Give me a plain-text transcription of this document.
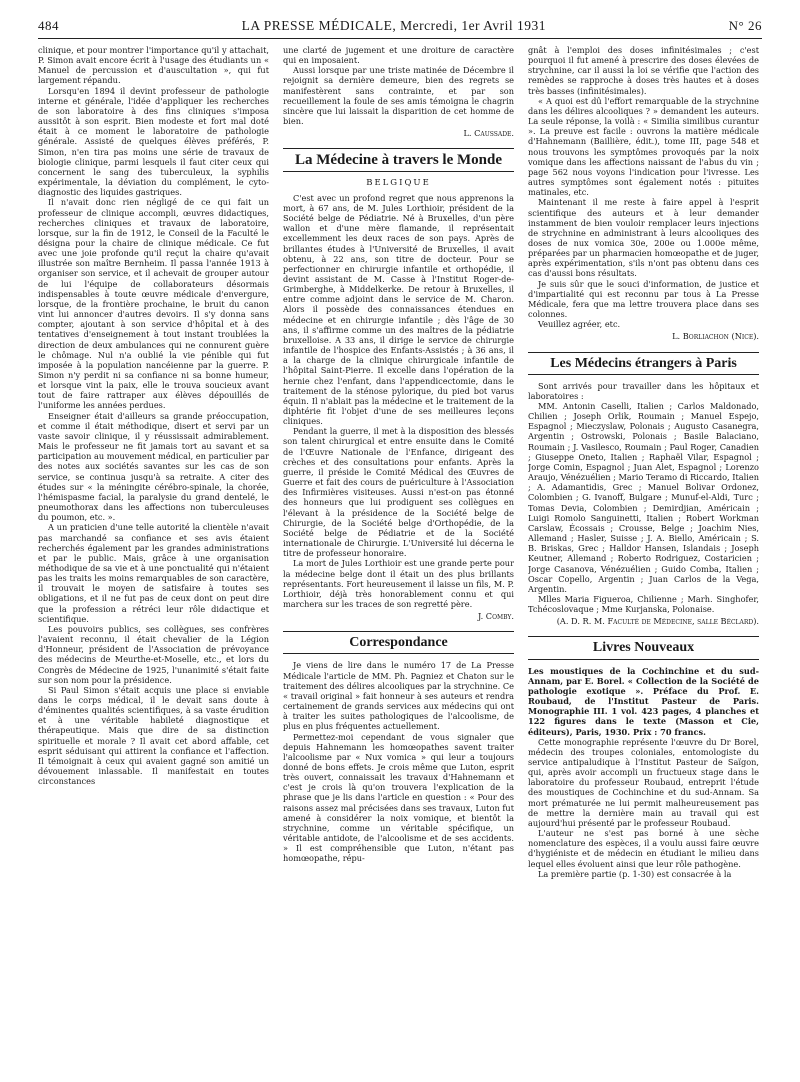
484	LA PRESSE MÉDICALE, Mercredi, 1er Avril 1931	N° 26

clinique, et pour montrer l'importance qu'il y attachait, P. Simon avait encore écrit à l'usage des étudiants un « Manuel de percussion et d'auscultation », qui fut largement répandu.

Lorsqu'en 1894 il devint professeur de pathologie interne et générale, l'idée d'appliquer les recherches de son laboratoire à des fins cliniques s'imposa aussitôt à son esprit. Bien modeste et fort mal doté était à ce moment le laboratoire de pathologie générale. Assisté de quelques élèves préférés, P. Simon, n'en tira pas moins une série de travaux de biologie clinique, parmi lesquels il faut citer ceux qui concernent le sang des tuberculeux, la syphilis expérimentale, la déviation du complément, le cyto-diagnostic des liquides gastriques.

Il n'avait donc rien négligé de ce qui fait un professeur de clinique accompli, œuvres didactiques, recherches cliniques et travaux de laboratoire, lorsque, sur la fin de 1912, le Conseil de la Faculté le désigna pour la chaire de clinique médicale. Ce fut avec une joie profonde qu'il reçut la chaire qu'avait illustrée son maître Bernheim. Il passa l'année 1913 à organiser son service, et il achevait de grouper autour de lui l'équipe de collaborateurs désormais indispensables à toute œuvre médicale d'envergure, lorsque, de la frontière prochaine, le bruit du canon vint lui annoncer d'autres devoirs. Il s'y donna sans compter, ajoutant à son service d'hôpital et à des tentatives d'enseignement à tout instant troublées la direction de deux ambulances qui ne connurent guère le chômage. Nul n'a oublié la vie pénible qui fut imposée à la population nancéienne par la guerre. P. Simon n'y perdit ni sa confiance ni sa bonne humeur, et lorsque vint la paix, elle le trouva soucieux avant tout de faire rattraper aux élèves dépouillés de l'uniforme les années perdues.

Enseigner était d'ailleurs sa grande préoccupation, et comme il était méthodique, disert et servi par un vaste savoir clinique, il y réussissait admirablement. Mais le professeur ne fit jamais tort au savant et sa participation au mouvement médical, en particulier par des notes aux sociétés savantes sur les cas de son service, se continua jusqu'à sa retraite. A citer des études sur « la méningite cérébro-spinale, la chorée, l'hémispasme facial, la paralysie du grand dentelé, le pneumothorax dans les affections non tuberculeuses du poumon, etc. ».

A un praticien d'une telle autorité la clientèle n'avait pas marchandé sa confiance et ses avis étaient recherchés également par les grandes administrations et par le public. Mais, grâce à une organisation méthodique de sa vie et à une ponctualité qui n'étaient pas les traits les moins remarquables de son caractère, il trouvait le moyen de satisfaire à toutes ses obligations, et il ne fut pas de ceux dont on peut dire que la profession a rétréci leur rôle didactique et scientifique.

Les pouvoirs publics, ses collègues, ses confrères l'avaient reconnu, il était chevalier de la Légion d'Honneur, président de l'Association de prévoyance des médecins de Meurthe-et-Moselle, etc., et lors du Congrès de Médecine de 1925, l'unanimité s'était faite sur son nom pour la présidence.

Si Paul Simon s'était acquis une place si enviable dans le corps médical, il le devait sans doute à d'éminentes qualités scientifiques, à sa vaste érudition et à une véritable habileté diagnostique et thérapeutique. Mais que dire de sa distinction spirituelle et morale ? Il avait cet abord affable, cet esprit séduisant qui attirent la confiance et l'affection. Il témoignait à ceux qui avaient gagné son amitié un dévouement inlassable. Il manifestait en toutes circonstances

une clarté de jugement et une droiture de caractère qui en imposaient.

Aussi lorsque par une triste matinée de Décembre il rejoignit sa dernière demeure, bien des regrets se manifestèrent sans contrainte, et par son recueillement la foule de ses amis témoigna le chagrin sincère que lui laissait la disparition de cet homme de bien.

L. Caussade.
La Médecine à travers le Monde
BELGIQUE

C'est avec un profond regret que nous apprenons la mort, à 67 ans, de M. Jules Lorthioir, président de la Société belge de Pédiatrie. Né à Bruxelles, d'un père wallon et d'une mère flamande, il représentait excellemment les deux races de son pays. Après de brillantes études à l'Université de Bruxelles, il avait obtenu, à 22 ans, son titre de docteur. Pour se perfectionner en chirurgie infantile et orthopédie, il devint assistant de M. Casse à l'Institut Roger-de-Grimberghe, à Middelkerke. De retour à Bruxelles, il entre comme adjoint dans le service de M. Charon. Alors il possède des connaissances étendues en médecine et en chirurgie infantile ; dès l'âge de 30 ans, il s'affirme comme un des maîtres de la pédiatrie bruxelloise. A 33 ans, il dirige le service de chirurgie infantile de l'hospice des Enfants-Assistés ; à 36 ans, il a la charge de la clinique chirurgicale infantile de l'hôpital Saint-Pierre. Il excelle dans l'opération de la hernie chez l'enfant, dans l'appendicectomie, dans le traitement de la sténose pylorique, du pied bot varus équin. Il n'ablait pas la médecine et le traitement de la diphtérie fit l'objet d'une de ses meilleures leçons cliniques.

Pendant la guerre, il met à la disposition des blessés son talent chirurgical et entre ensuite dans le Comité de l'Œuvre Nationale de l'Enfance, dirigeant des crèches et des consultations pour enfants. Après la guerre, il préside le Comité Médical des Œuvres de Guerre et fait des cours de puériculture à l'Association des Infirmières visiteuses. Aussi n'est-on pas étonné des honneurs que lui prodiguent ses collègues en l'élevant à la présidence de la Société belge de Chirurgie, de la Société belge d'Orthopédie, de la Société belge de Pédiatrie et de la Société internationale de Chirurgie. L'Université lui décerna le titre de professeur honoraire.

La mort de Jules Lorthioir est une grande perte pour la médecine belge dont il était un des plus brillants représentants. Fort heureusement il laisse un fils, M. P. Lorthioir, déjà très honorablement connu et qui marchera sur les traces de son regretté père.

J. Comby.
Correspondance

Je viens de lire dans le numéro 17 de La Presse Médicale l'article de MM. Ph. Pagniez et Chaton sur le traitement des délires alcooliques par la strychnine. Ce « travail original » fait honneur à ses auteurs et rendra certainement de grands services aux médecins qui ont à traiter les suites pathologiques de l'alcoolisme, de plus en plus fréquentes actuellement.

Permettez-moi cependant de vous signaler que depuis Hahnemann les homœopathes savent traiter l'alcoolisme par « Nux vomica » qui leur a toujours donné de bons effets. Je crois même que Luton, esprit très ouvert, connaissait les travaux d'Hahnemann et c'est je crois là qu'on trouvera l'explication de la phrase que je lis dans l'article en question : « Pour des raisons assez mal précisées dans ses travaux, Luton fut amené à considérer la noix vomique, et bientôt la strychnine, comme un véritable spécifique, un véritable antidote, de l'alcoolisme et de ses accidents. » Il est compréhensible que Luton, n'étant pas homœopathe, répu-

gnât à l'emploi des doses infinitésimales ; c'est pourquoi il fut amené à prescrire des doses élevées de strychnine, car il aussi la loi se vérifie que l'action des remèdes se rapproche à doses très hautes et à doses très basses (infinitésimales).

« A quoi est dû l'effort remarquable de la strychnine dans les délires alcooliques ? » demandent les auteurs. La seule réponse, la voilà : « Similia similibus curantur ». La preuve est facile : ouvrons la matière médicale d'Hahnemann (Baillière, édit.), tome III, page 548 et nous trouvons les symptômes provoqués par la noix vomique dans les affections naissant de l'abus du vin ; page 562 nous voyons l'indication pour l'ivresse. Les autres symptômes sont également notés : pituites matinales, etc.

Maintenant il me reste à faire appel à l'esprit scientifique des auteurs et à leur demander instamment de bien vouloir remplacer leurs injections de strychnine en administrant à leurs alcooliques des doses de nux vomica 30e, 200e ou 1.000e même, préparées par un pharmacien homœopathe et de juger, après expérimentation, s'ils n'ont pas obtenu dans ces cas d'aussi bons résultats.

Je suis sûr que le souci d'information, de justice et d'impartialité qui est reconnu par tous à La Presse Médicale, fera que ma lettre trouvera place dans ses colonnes.

Veuillez agréer, etc.

L. Borliachon (Nice).
Les Médecins étrangers à Paris

Sont arrivés pour travailler dans les hôpitaux et laboratoires :

MM. Antonin Caselli, Italien ; Carlos Maldonado, Chilien ; Joseph Orlik, Roumain ; Manuel Espejo, Espagnol ; Mieczyslaw, Polonais ; Augusto Casanegra, Argentin ; Ostrowski, Polonais ; Basile Balaciano, Roumain ; J. Vasilesco, Roumain ; Paul Roger, Canadien ; Giuseppe Oneto, Italien ; Raphaël Vilar, Espagnol ; Jorge Comin, Espagnol ; Juan Alet, Espagnol ; Lorenzo Araujo, Vénézuélien ; Mario Teramo di Riccardo, Italien ; A. Adamantidis, Grec ; Manuel Bolivar Ordonez, Colombien ; G. Ivanoff, Bulgare ; Munuf-el-Aldi, Turc ; Tomas Devia, Colombien ; Demirdjian, Américain ; Luigi Romolo Sanguinetti, Italien ; Robert Workman Carslaw, Écossais ; Crousse, Belge ; Joachim Nies, Allemand ; Hasler, Suisse ; J. A. Biello, Américain ; S. B. Briskas, Grec ; Halldor Hansen, Islandais ; Joseph Keutner, Allemand ; Roberto Rodriguez, Costaricien ; Jorge Casanova, Vénézuélien ; Guido Comba, Italien ; Oscar Copello, Argentin ; Juan Carlos de la Vega, Argentin.

Mlles Maria Figueroa, Chilienne ; Marh. Singhofer, Tchécoslovaque ; Mme Kurjanska, Polonaise.

(A. D. R. M. Faculté de Médecine, salle Béclard).
Livres Nouveaux

Les moustiques de la Cochinchine et du sud-Annam, par E. Borel. « Collection de la Société de pathologie exotique ». Préface du Prof. E. Roubaud, de l'Institut Pasteur de Paris. Monographie III. 1 vol. 423 pages, 4 planches et 122 figures dans le texte (Masson et Cie, éditeurs), Paris, 1930. Prix : 70 francs.

Cette monographie représente l'œuvre du Dr Borel, médecin des troupes coloniales, entomologiste du service antipaludique à l'Institut Pasteur de Saïgon, qui, après avoir accompli un fructueux stage dans le laboratoire du professeur Roubaud, entreprit l'étude des moustiques de Cochinchine et du sud-Annam. Sa mort prématurée ne lui permit malheureusement pas de mettre la dernière main au travail qui est aujourd'hui présenté par le professeur Roubaud.

L'auteur ne s'est pas borné à une sèche nomenclature des espèces, il a voulu aussi faire œuvre d'hygiéniste et de médecin en étudiant le milieu dans lequel elles évoluent ainsi que leur rôle pathogène.

La première partie (p. 1-30) est consacrée à la
